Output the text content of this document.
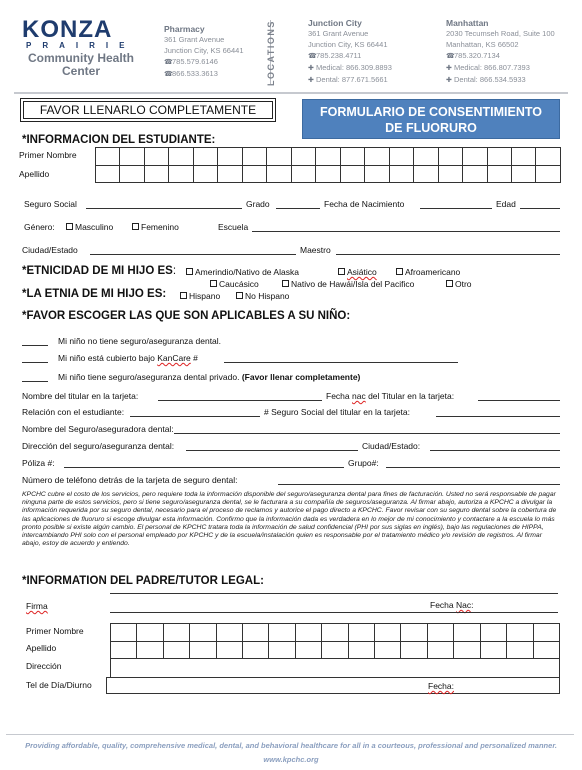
KONZA
PRAIRIE
Community Health Center
Pharmacy
361 Grant Avenue
Junction City, KS 66441
☎785.579.6146
☎866.533.3613	LOCATIONS	Junction City
361 Grant Avenue
Junction City, KS 66441
☎785.238.4711
✚ Medical: 866.309.8893
✚ Dental: 877.671.5661
Manhattan
2030 Tecumseh Road, Suite 100
Manhattan, KS 66502
☎785.320.7134
✚ Medical: 866.807.7393
✚ Dental: 866.534.5933
FAVOR LLENARLO COMPLETAMENTE	FORMULARIO DE CONSENTIMIENTO
DE FLUORURO
*INFORMACION DEL ESTUDIANTE:
Primer Nombre
Apellido

Seguro Social	Grado	Fecha de Nacimiento	Edad
Género:	Masculino	Femenino	Escuela
Ciudad/Estado	Maestro
*ETNICIDAD DE MI HIJO ES:	Amerindio/Nativo de Alaska	Asiático	Afroamericano
Caucásico	Nativo de Hawái/Isla del Pacifico	Otro
*LA ETNIA DE MI HIJO ES:	Hispano	No Hispano
*FAVOR ESCOGER LAS QUE SON APLICABLES A SU NIÑO:
Mi niño no tiene seguro/aseguranza dental.
Mi niño está cubierto bajo KanCare #
Mi niño tiene seguro/aseguranza dental privado. (Favor llenar completamente)
Nombre del titular en la tarjeta:	Fecha nac del Titular en la tarjeta:
Relación con el estudiante:	# Seguro Social del titular en la tarjeta:
Nombre del Seguro/aseguradora dental:
Dirección del seguro/aseguranza dental:	Ciudad/Estado:
Póliza #:	Grupo#:
Número de teléfono detrás de la tarjeta de seguro dental:
KPCHC cubre el costo de los servicios, pero requiere toda la información disponible del seguro/aseguranza dental para fines de facturación. Usted no será responsable de pagar ninguna parte de estos servicios, pero si tiene seguro/aseguranza dental, se le facturara a su compañía de seguros/aseguranza. Al firmar abajo, autoriza a KPCHC a divulgar la información requerida por su seguro dental, necesario para el proceso de reclamos y autorice el pago directo a KPCHC. Favor revisar con su seguro dental sobre la cobertura de las aplicaciones de fluoruro si escoge divulgar esta información. Confirmo que la información dada es verdadera en lo mejor de mi conocimiento y contactare a la escuela lo más pronto posible si existe algún cambio. El personal de KPCHC tratara toda la información de salud confidencial (PHI por sus siglas en inglés), bajo las regulaciones de HIPPA, intercambiando PHI solo con el personal empleado por KPCHC y de la escuela/instalación quien es responsable por el tratamiento médico y/o revisión de registros. Al firmar abajo, estoy de acuerdo y entiendo.
*INFORMATION DEL PADRE/TUTOR LEGAL:
Firma	Fecha Nac:
Primer Nombre
Apellido

Dirección
Tel de Día/Diurno	Fecha:
Providing affordable, quality, comprehensive medical, dental, and behavioral healthcare for all in a courteous, professional and personalized manner.
www.kpchc.org
